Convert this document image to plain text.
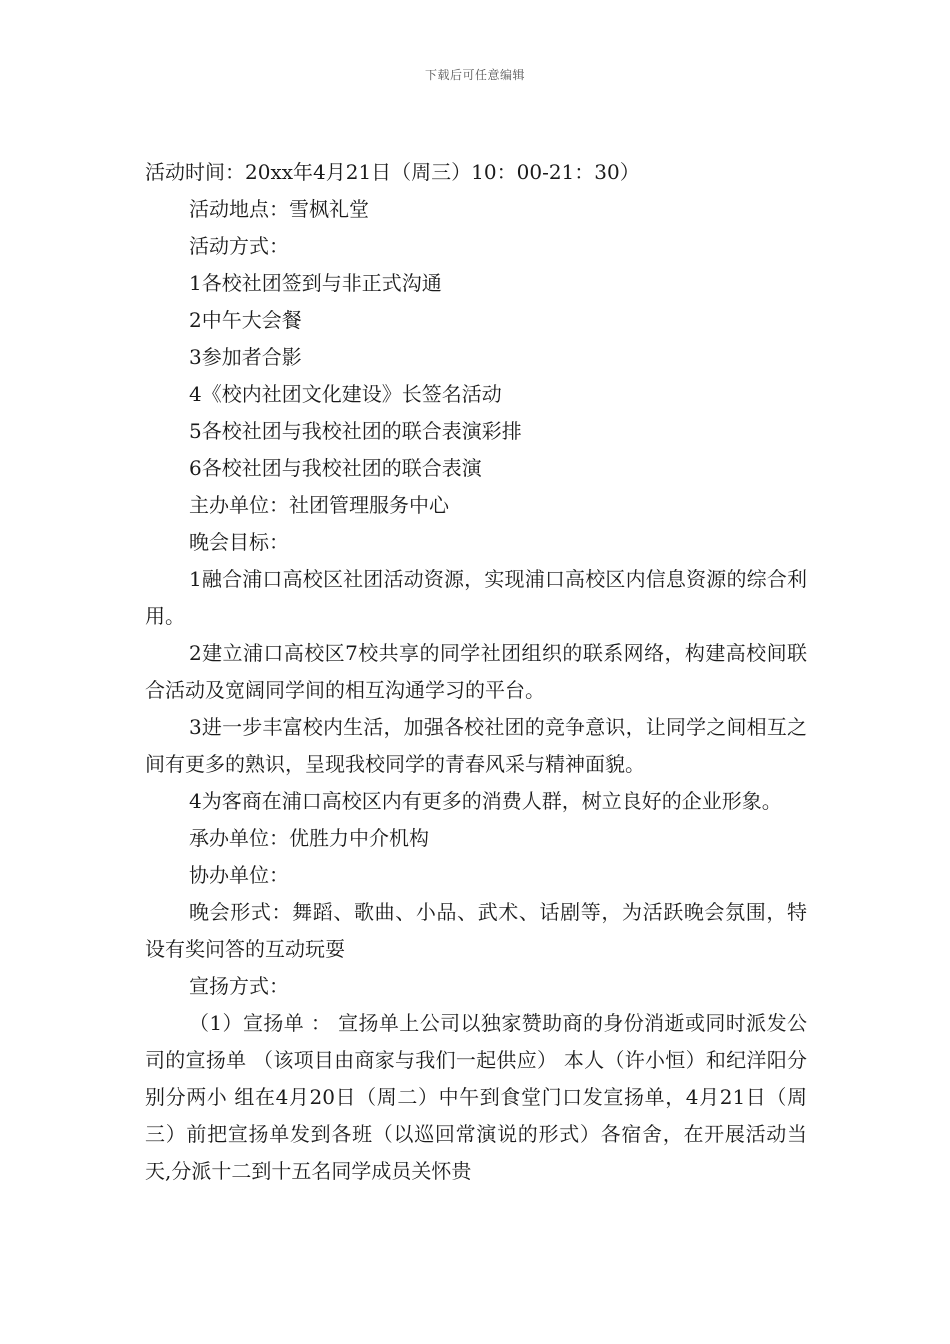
下载后可任意编辑

活动时间：20xx年4月21日（周三）10：00-21：30）

活动地点：雪枫礼堂

活动方式：

1各校社团签到与非正式沟通

2中午大会餐

3参加者合影

4《校内社团文化建设》长签名活动

5各校社团与我校社团的联合表演彩排

6各校社团与我校社团的联合表演

主办单位：社团管理服务中心

晚会目标：

1融合浦口高校区社团活动资源，实现浦口高校区内信息资源的综合利用。

2建立浦口高校区7校共享的同学社团组织的联系网络，构建高校间联合活动及宽阔同学间的相互沟通学习的平台。

3进一步丰富校内生活，加强各校社团的竞争意识，让同学之间相互之间有更多的熟识，呈现我校同学的青春风采与精神面貌。

4为客商在浦口高校区内有更多的消费人群，树立良好的企业形象。

承办单位：优胜力中介机构

协办单位：

晚会形式：舞蹈、歌曲、小品、武术、话剧等，为活跃晚会氛围，特设有奖问答的互动玩耍

宣扬方式：

（1）宣扬单 ： 宣扬单上公司以独家赞助商的身份消逝或同时派发公司的宣扬单 （该项目由商家与我们一起供应） 本人（许小恒）和纪洋阳分别分两小 组在4月20日（周二）中午到食堂门口发宣扬单，4月21日（周三）前把宣扬单发到各班（以巡回常演说的形式）各宿舍，在开展活动当天,分派十二到十五名同学成员关怀贵
